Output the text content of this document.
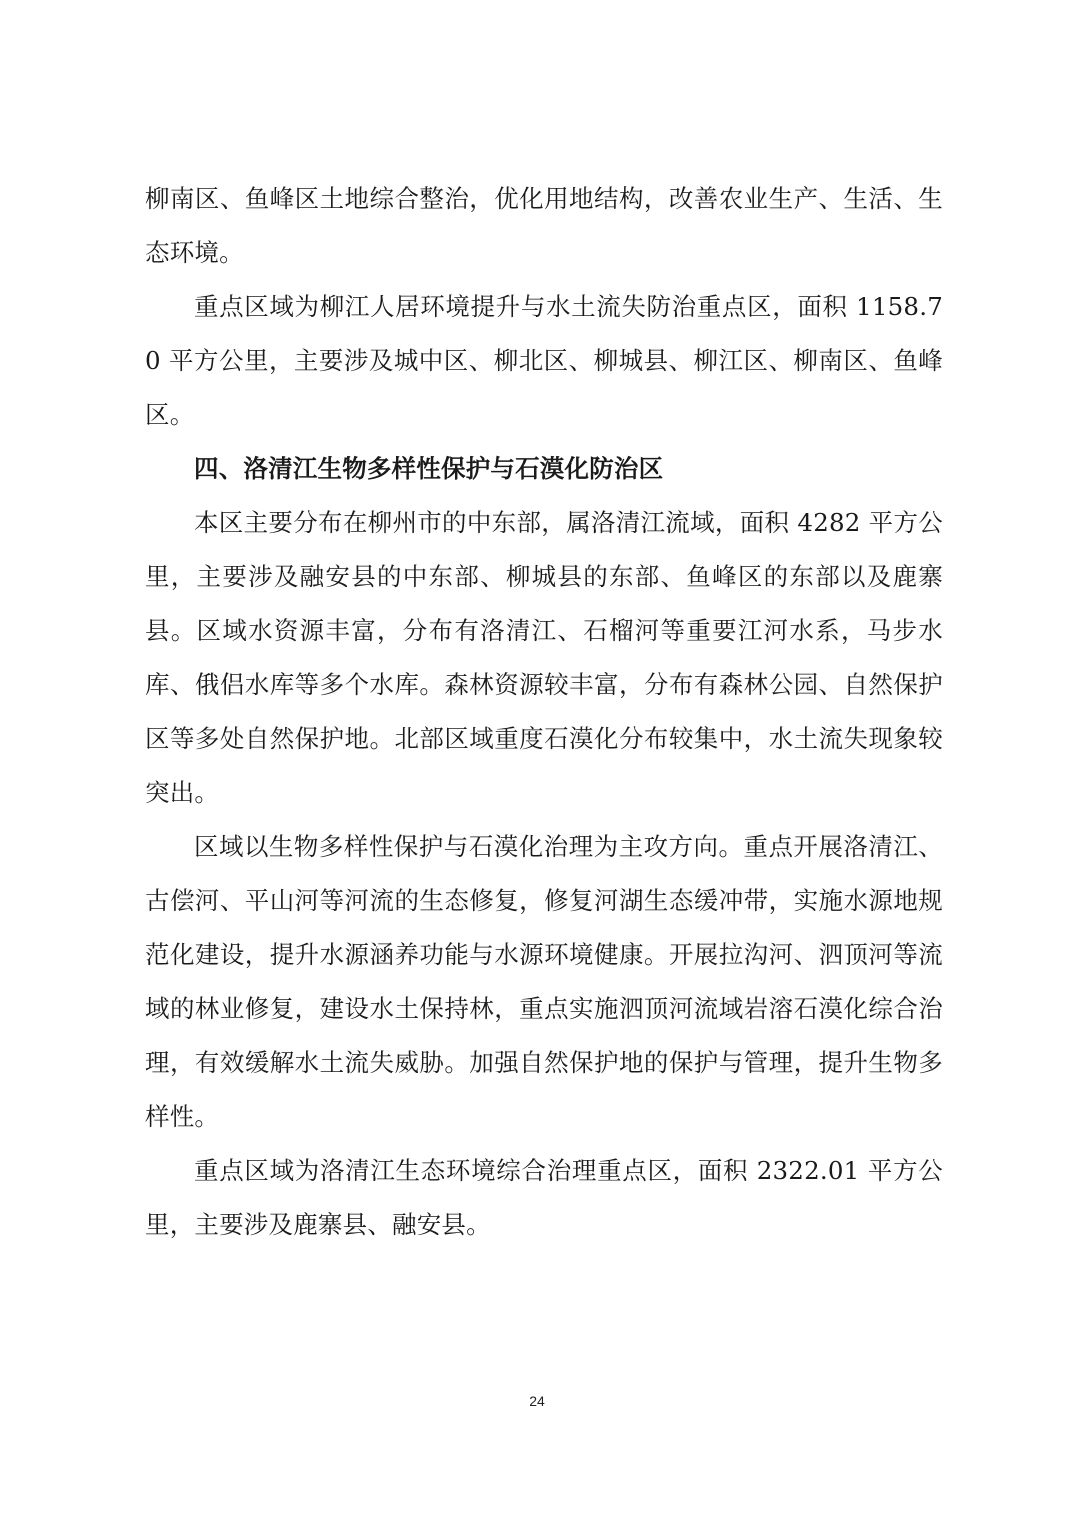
柳南区、鱼峰区土地综合整治，优化用地结构，改善农业生产、生活、生态环境。

重点区域为柳江人居环境提升与水土流失防治重点区，面积 1158.70 平方公里，主要涉及城中区、柳北区、柳城县、柳江区、柳南区、鱼峰区。

四、洛清江生物多样性保护与石漠化防治区

本区主要分布在柳州市的中东部，属洛清江流域，面积 4282 平方公里，主要涉及融安县的中东部、柳城县的东部、鱼峰区的东部以及鹿寨县。区域水资源丰富，分布有洛清江、石榴河等重要江河水系，马步水库、俄侣水库等多个水库。森林资源较丰富，分布有森林公园、自然保护区等多处自然保护地。北部区域重度石漠化分布较集中，水土流失现象较突出。

区域以生物多样性保护与石漠化治理为主攻方向。重点开展洛清江、古偿河、平山河等河流的生态修复，修复河湖生态缓冲带，实施水源地规范化建设，提升水源涵养功能与水源环境健康。开展拉沟河、泗顶河等流域的林业修复，建设水土保持林，重点实施泗顶河流域岩溶石漠化综合治理，有效缓解水土流失威胁。加强自然保护地的保护与管理，提升生物多样性。

重点区域为洛清江生态环境综合治理重点区，面积 2322.01 平方公里，主要涉及鹿寨县、融安县。

24
